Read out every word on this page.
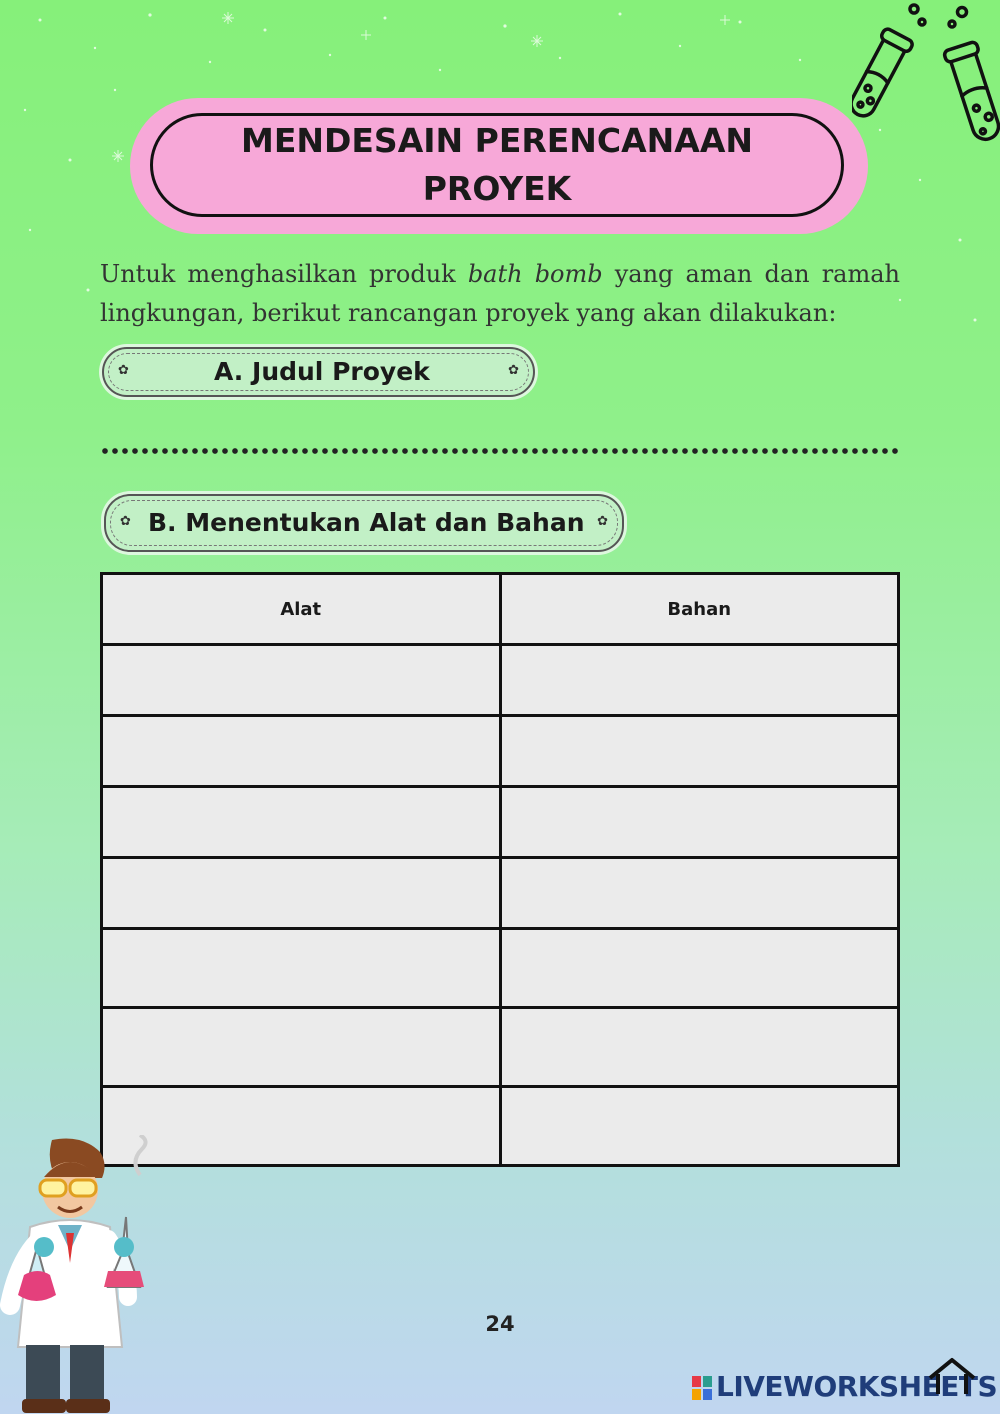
MENDESAIN PERENCANAAN PROYEK

Untuk menghasilkan produk bath bomb yang aman dan ramah lingkungan, berikut rancangan proyek yang akan dilakukan:

✿	A. Judul Proyek	✿
✿ B. Menentukan Alat dan Bahan ✿
Alat	Bahan

24
LIVEWORKSHEETS
